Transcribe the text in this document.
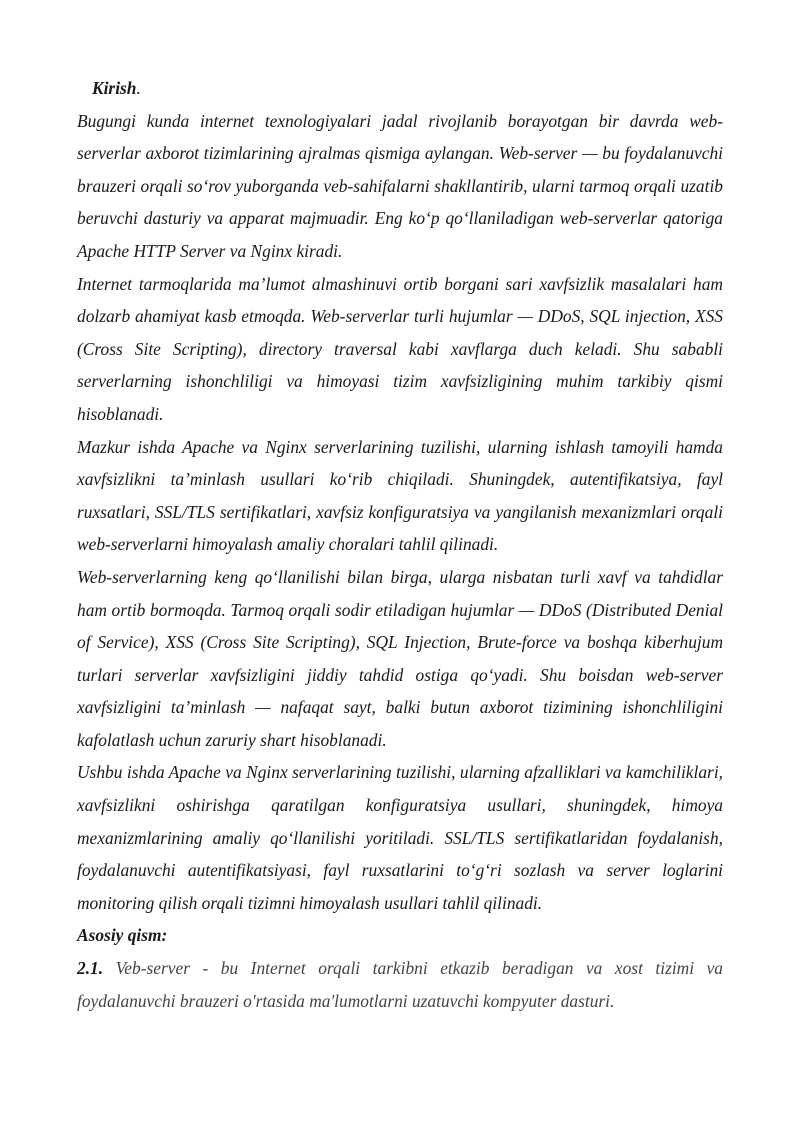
Kirish.

Bugungi kunda internet texnologiyalari jadal rivojlanib borayotgan bir davrda web-serverlar axborot tizimlarining ajralmas qismiga aylangan. Web-server — bu foydalanuvchi brauzeri orqali so‘rov yuborganda veb-sahifalarni shakllantirib, ularni tarmoq orqali uzatib beruvchi dasturiy va apparat majmuadir. Eng ko‘p qo‘llaniladigan web-serverlar qatoriga Apache HTTP Server va Nginx kiradi.

Internet tarmoqlarida ma’lumot almashinuvi ortib borgani sari xavfsizlik masalalari ham dolzarb ahamiyat kasb etmoqda. Web-serverlar turli hujumlar — DDoS, SQL injection, XSS (Cross Site Scripting), directory traversal kabi xavflarga duch keladi. Shu sababli serverlarning ishonchliligi va himoyasi tizim xavfsizligining muhim tarkibiy qismi hisoblanadi.

Mazkur ishda Apache va Nginx serverlarining tuzilishi, ularning ishlash tamoyili hamda xavfsizlikni ta’minlash usullari ko‘rib chiqiladi. Shuningdek, autentifikatsiya, fayl ruxsatlari, SSL/TLS sertifikatlari, xavfsiz konfiguratsiya va yangilanish mexanizmlari orqali web-serverlarni himoyalash amaliy choralari tahlil qilinadi.

Web-serverlarning keng qo‘llanilishi bilan birga, ularga nisbatan turli xavf va tahdidlar ham ortib bormoqda. Tarmoq orqali sodir etiladigan hujumlar — DDoS (Distributed Denial of Service), XSS (Cross Site Scripting), SQL Injection, Brute-force va boshqa kiberhujum turlari serverlar xavfsizligini jiddiy tahdid ostiga qo‘yadi. Shu boisdan web-server xavfsizligini ta’minlash — nafaqat sayt, balki butun axborot tizimining ishonchliligini kafolatlash uchun zaruriy shart hisoblanadi.

Ushbu ishda Apache va Nginx serverlarining tuzilishi, ularning afzalliklari va kamchiliklari, xavfsizlikni oshirishga qaratilgan konfiguratsiya usullari, shuningdek, himoya mexanizmlarining amaliy qo‘llanilishi yoritiladi. SSL/TLS sertifikatlaridan foydalanish, foydalanuvchi autentifikatsiyasi, fayl ruxsatlarini to‘g‘ri sozlash va server loglarini monitoring qilish orqali tizimni himoyalash usullari tahlil qilinadi.

Asosiy qism:

2.1. Veb-server - bu Internet orqali tarkibni etkazib beradigan va xost tizimi va foydalanuvchi brauzeri o'rtasida ma'lumotlarni uzatuvchi kompyuter dasturi.
